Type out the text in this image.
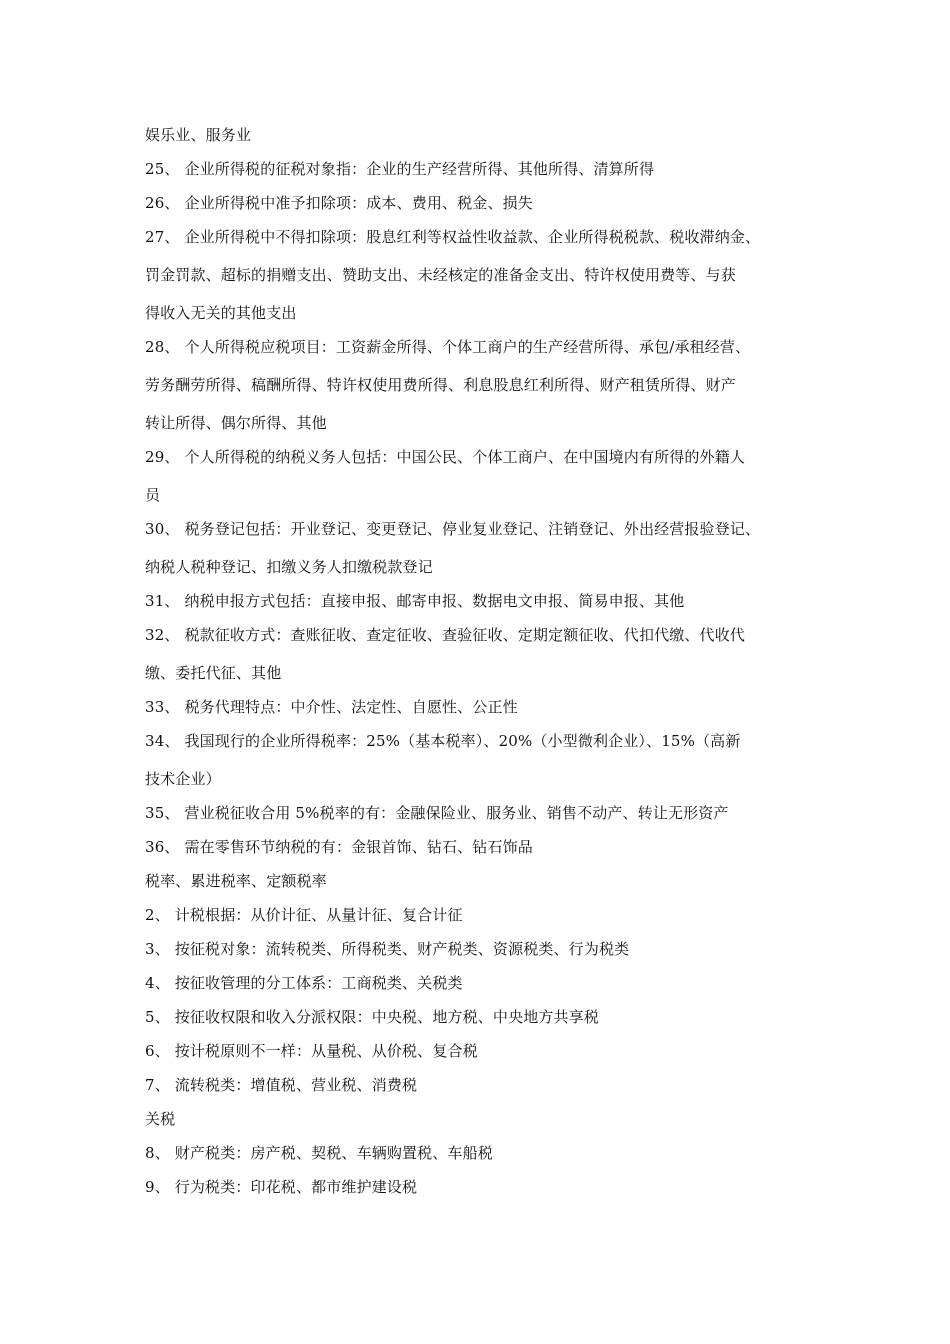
娱乐业、服务业
25、 企业所得税的征税对象指：企业的生产经营所得、其他所得、清算所得
26、 企业所得税中准予扣除项：成本、费用、税金、损失
27、 企业所得税中不得扣除项：股息红利等权益性收益款、企业所得税税款、税收滞纳金、
罚金罚款、超标的捐赠支出、赞助支出、未经核定的准备金支出、特许权使用费等、与获
得收入无关的其他支出
28、 个人所得税应税项目：工资薪金所得、个体工商户的生产经营所得、承包/承租经营、
劳务酬劳所得、稿酬所得、特许权使用费所得、利息股息红利所得、财产租赁所得、财产
转让所得、偶尔所得、其他
29、 个人所得税的纳税义务人包括：中国公民、个体工商户、在中国境内有所得的外籍人
员
30、 税务登记包括：开业登记、变更登记、停业复业登记、注销登记、外出经营报验登记、
纳税人税种登记、扣缴义务人扣缴税款登记
31、 纳税申报方式包括：直接申报、邮寄申报、数据电文申报、简易申报、其他
32、 税款征收方式：查账征收、查定征收、查验征收、定期定额征收、代扣代缴、代收代
缴、委托代征、其他
33、 税务代理特点：中介性、法定性、自愿性、公正性
34、 我国现行的企业所得税率：25%（基本税率）、20%（小型微利企业）、15%（高新
技术企业）
35、 营业税征收合用 5%税率的有：金融保险业、服务业、销售不动产、转让无形资产
36、 需在零售环节纳税的有：金银首饰、钻石、钻石饰品
税率、累进税率、定额税率
2、 计税根据：从价计征、从量计征、复合计征
3、 按征税对象：流转税类、所得税类、财产税类、资源税类、行为税类
4、 按征收管理的分工体系：工商税类、关税类
5、 按征收权限和收入分派权限：中央税、地方税、中央地方共享税
6、 按计税原则不一样：从量税、从价税、复合税
7、 流转税类：增值税、营业税、消费税
关税
8、 财产税类：房产税、契税、车辆购置税、车船税
9、 行为税类：印花税、都市维护建设税
